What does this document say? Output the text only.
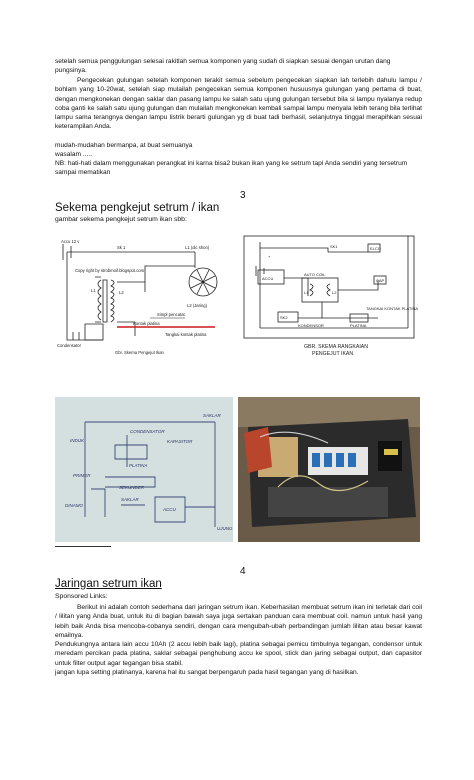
setelah semua penggulungan selesai rakitlah semua komponen yang sudah di siapkan sesuai dengan urutan dang pungsinya.

Pengecekan gulungan setelah komponen terakit semua sebelum pengecekan siapkan lah terlebih dahulu lampu / bohlam yang 10-20wat, setelah siap mulailah pengecekan semua komponen husuusnya gulungan yang pertama di buat, dengan mengkonekan dengan saklar dan pasang lampu ke salah satu ujung gulungan tersebut bila si lampu nyalanya redup coba ganti ke salah satu ujung gulungan dan mulailah mengkonekan kembali sampai lampu menyala lebih terang bila terlihat lampu sama terangnya dengan lampu listrik berarti gulungan yg di buat tadi berhasil, selanjutnya tinggal merapihkan sesuai keterampilan Anda.

mudah-mudahan bermanpa, at buat semuanya

wasalam .....

NB: hati-hati dalam menggunakan perangkat ini karna bisa2 bukan ikan yang ke setrum tapi Anda sendiri yang tersetrum sampai mematikan

3
Sekema pengkejut setrum / ikan

gambar sekema pengkejut setrum ikan sbb:

Accu 12 v
Sk 1	L1 (dic shon)
Copy right by strobmoif.blogspot.com
L1	L2
L2 (Jaring)
Simpl pencatat
Kontak platina
Tangkai kontak platina
Condensator
Gbr. Skema Pengejut Ikan
+
SK1	ELCO
ACCU
AUTO COIL
L1	L2
CAP
SK2
KONDENSOR	PLATINA
TANGKAI KONTAK PLATINA
GBR. SKEMA RANGKAIAN
PENGEJUT IKAN
SAKLAR
INDUK
CONDENSATOR
KAPASITOR
PLATINA
PRIMER
SEKUNDER
SAKLAR
ACCU
DINAMO
UJUNG
4
Jaringan setrum ikan

Sponsored Links:

Berikut ini adalah contoh sederhana dari jaringan setrum ikan. Keberhasilan membuat setrum ikan ini terletak dari coil / lilitan yang Anda buat, untuk itu di bagian bawah saya juga sertakan panduan cara membuat coil. namun untuk hasil yang lebih baik Anda bisa mencoba-cobanya sendiri, dengan cara mengubah-ubah perbandingan jumlah lilitan atau besar kawat emailnya.

Pendukungnya antara lain accu 10Ah (2 accu lebih baik lagi), platina sebagai pemicu timbulnya tegangan, condensor untuk meredam percikan pada platina, saklar sebagai penghubung accu ke spool, stick dan jaring sebagai output, dan capasitor untuk filter output agar tegangan bisa stabil.

jangan lupa setting platinanya, karena hal itu sangat berpengaruh pada hasil tegangan yang di hasilkan.
